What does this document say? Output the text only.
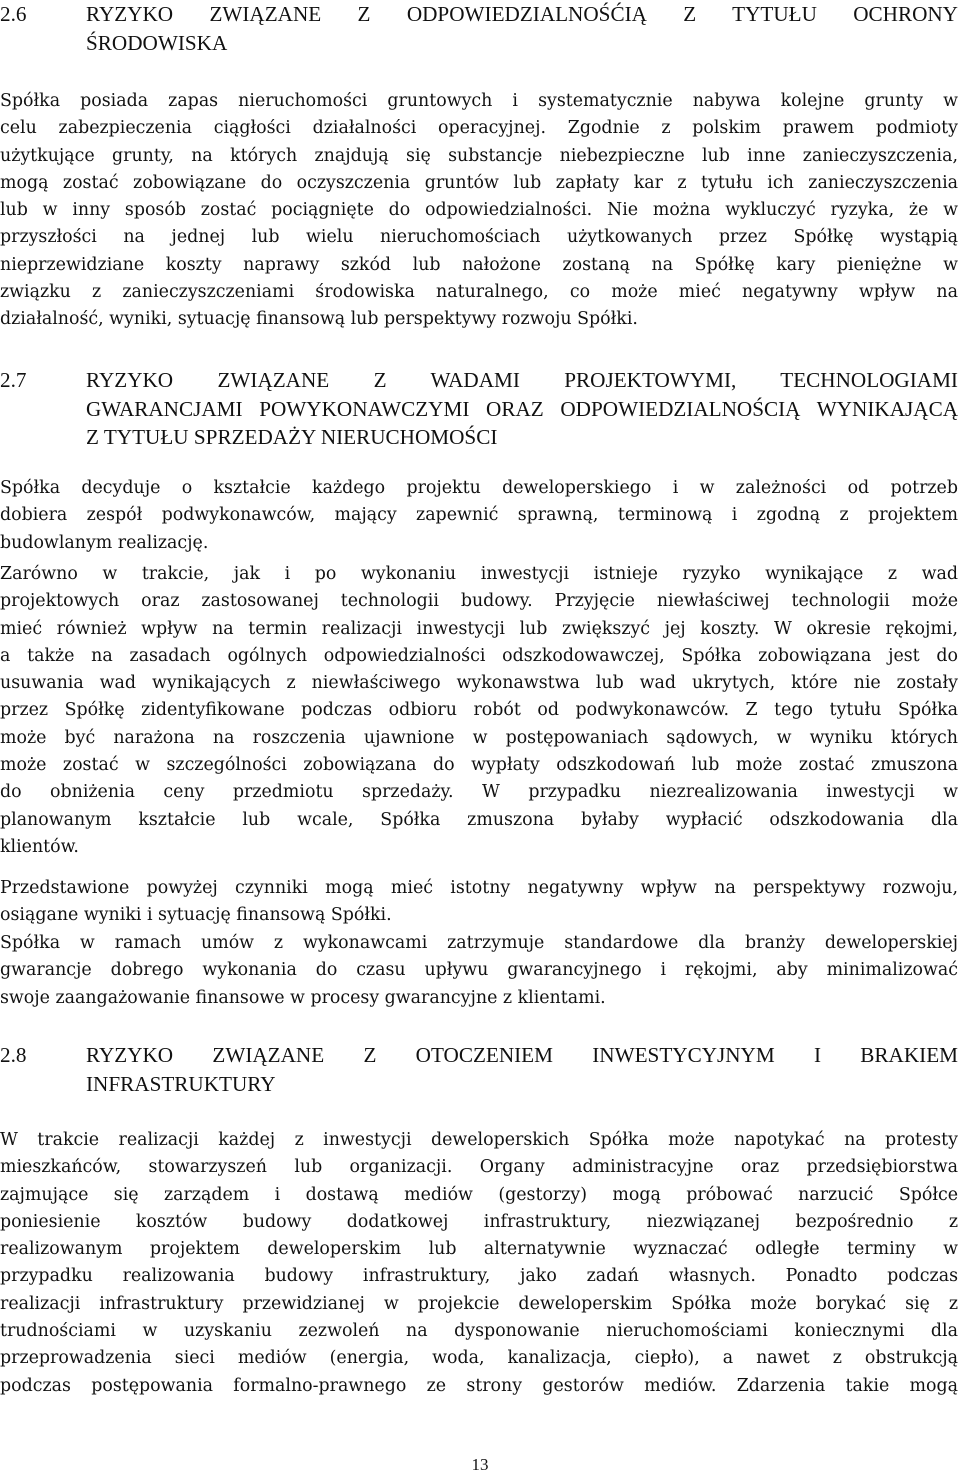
2.6	RYZYKO ZWIĄZANE Z ODPOWIEDZIALNOŚĆIĄ Z TYTUŁU OCHRONY
ŚRODOWISKA
Spółka posiada zapas nieruchomości gruntowych i systematycznie nabywa kolejne grunty w
celu zabezpieczenia ciągłości działalności operacyjnej. Zgodnie z polskim prawem podmioty
użytkujące grunty, na których znajdują się substancje niebezpieczne lub inne zanieczyszczenia,
mogą zostać zobowiązane do oczyszczenia gruntów lub zapłaty kar z tytułu ich zanieczyszczenia
lub w inny sposób zostać pociągnięte do odpowiedzialności. Nie można wykluczyć ryzyka, że w
przyszłości na jednej lub wielu nieruchomościach użytkowanych przez Spółkę wystąpią
nieprzewidziane koszty naprawy szkód lub nałożone zostaną na Spółkę kary pieniężne w
związku z zanieczyszczeniami środowiska naturalnego, co może mieć negatywny wpływ na
działalność, wyniki, sytuację finansową lub perspektywy rozwoju Spółki.
2.7	RYZYKO ZWIĄZANE Z WADAMI PROJEKTOWYMI, TECHNOLOGIAMI
GWARANCJAMI POWYKONAWCZYMI ORAZ ODPOWIEDZIALNOŚCIĄ WYNIKAJĄCĄ
Z TYTUŁU SPRZEDAŻY NIERUCHOMOŚCI
Spółka decyduje o kształcie każdego projektu deweloperskiego i w zależności od potrzeb
dobiera zespół podwykonawców, mający zapewnić sprawną, terminową i zgodną z projektem
budowlanym realizację.
Zarówno w trakcie, jak i po wykonaniu inwestycji istnieje ryzyko wynikające z wad
projektowych oraz zastosowanej technologii budowy. Przyjęcie niewłaściwej technologii może
mieć również wpływ na termin realizacji inwestycji lub zwiększyć jej koszty. W okresie rękojmi,
a także na zasadach ogólnych odpowiedzialności odszkodowawczej, Spółka zobowiązana jest do
usuwania wad wynikających z niewłaściwego wykonawstwa lub wad ukrytych, które nie zostały
przez Spółkę zidentyfikowane podczas odbioru robót od podwykonawców. Z tego tytułu Spółka
może być narażona na roszczenia ujawnione w postępowaniach sądowych, w wyniku których
może zostać w szczególności zobowiązana do wypłaty odszkodowań lub może zostać zmuszona
do obniżenia ceny przedmiotu sprzedaży. W przypadku niezrealizowania inwestycji w
planowanym kształcie lub wcale, Spółka zmuszona byłaby wypłacić odszkodowania dla
klientów.
Przedstawione powyżej czynniki mogą mieć istotny negatywny wpływ na perspektywy rozwoju,
osiągane wyniki i sytuację finansową Spółki.
Spółka w ramach umów z wykonawcami zatrzymuje standardowe dla branży deweloperskiej
gwarancje dobrego wykonania do czasu upływu gwarancyjnego i rękojmi, aby minimalizować
swoje zaangażowanie finansowe w procesy gwarancyjne z klientami.
2.8	RYZYKO ZWIĄZANE Z OTOCZENIEM INWESTYCYJNYM I BRAKIEM
INFRASTRUKTURY
W trakcie realizacji każdej z inwestycji deweloperskich Spółka może napotykać na protesty
mieszkańców, stowarzyszeń lub organizacji. Organy administracyjne oraz przedsiębiorstwa
zajmujące się zarządem i dostawą mediów (gestorzy) mogą próbować narzucić Spółce
poniesienie kosztów budowy dodatkowej infrastruktury, niezwiązanej bezpośrednio z
realizowanym projektem deweloperskim lub alternatywnie wyznaczać odległe terminy w
przypadku realizowania budowy infrastruktury, jako zadań własnych. Ponadto podczas
realizacji infrastruktury przewidzianej w projekcie deweloperskim Spółka może borykać się z
trudnościami w uzyskaniu zezwoleń na dysponowanie nieruchomościami koniecznymi dla
przeprowadzenia sieci mediów (energia, woda, kanalizacja, ciepło), a nawet z obstrukcją
podczas postępowania formalno-prawnego ze strony gestorów mediów. Zdarzenia takie mogą
13
